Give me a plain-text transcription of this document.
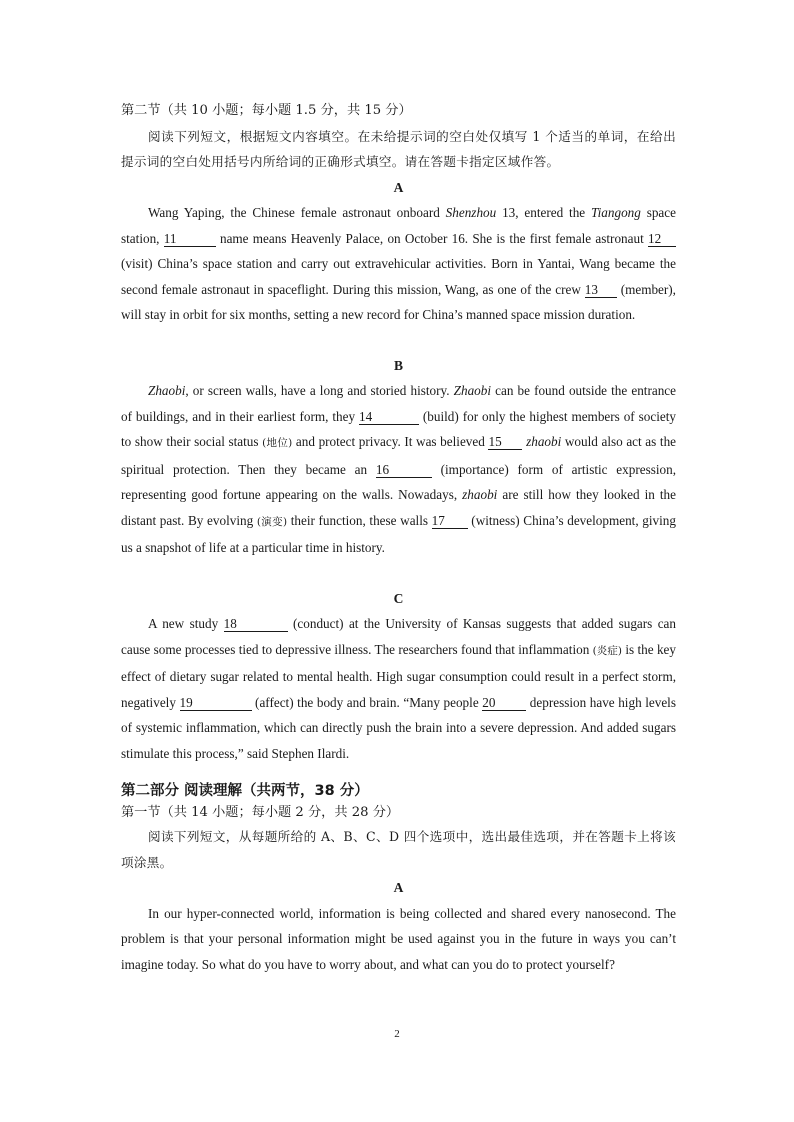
第二节（共 10 小题；每小题 1.5 分，共 15 分）

阅读下列短文，根据短文内容填空。在未给提示词的空白处仅填写 1 个适当的单词，在给出提示词的空白处用括号内所给词的正确形式填空。请在答题卡指定区域作答。

A

Wang Yaping, the Chinese female astronaut onboard Shenzhou 13, entered the Tiangong space station, 11	name means Heavenly Palace, on October 16. She is the first female astronaut 12 (visit) China’s space station and carry out extravehicular activities. Born in Yantai, Wang became the second female astronaut in spaceflight. During this mission, Wang, as one of the crew 13 (member), will stay in orbit for six months, setting a new record for China’s manned space mission duration.

B

Zhaobi, or screen walls, have a long and storied history. Zhaobi can be found outside the entrance of buildings, and in their earliest form, they 14	(build) for only the highest members of society to show their social status (地位) and protect privacy. It was believed 15 zhaobi would also act as the spiritual protection. Then they became an 16	(importance) form of artistic expression, representing good fortune appearing on the walls. Nowadays, zhaobi are still how they looked in the distant past. By evolving (演变) their function, these walls 17 (witness) China’s development, giving us a snapshot of life at a particular time in history.

C

A new study 18	(conduct) at the University of Kansas suggests that added sugars can cause some processes tied to depressive illness. The researchers found that inflammation (炎症) is the key effect of dietary sugar related to mental health. High sugar consumption could result in a perfect storm, negatively 19	(affect) the body and brain. “Many people 20 depression have high levels of systemic inflammation, which can directly push the brain into a severe depression. And added sugars stimulate this process,” said Stephen Ilardi.

第二部分 阅读理解（共两节，38 分）

第一节（共 14 小题；每小题 2 分，共 28 分）

阅读下列短文，从每题所给的 A、B、C、D 四个选项中，选出最佳选项，并在答题卡上将该项涂黑。

A

In our hyper-connected world, information is being collected and shared every nanosecond. The problem is that your personal information might be used against you in the future in ways you can’t imagine today. So what do you have to worry about, and what can you do to protect yourself?

2
